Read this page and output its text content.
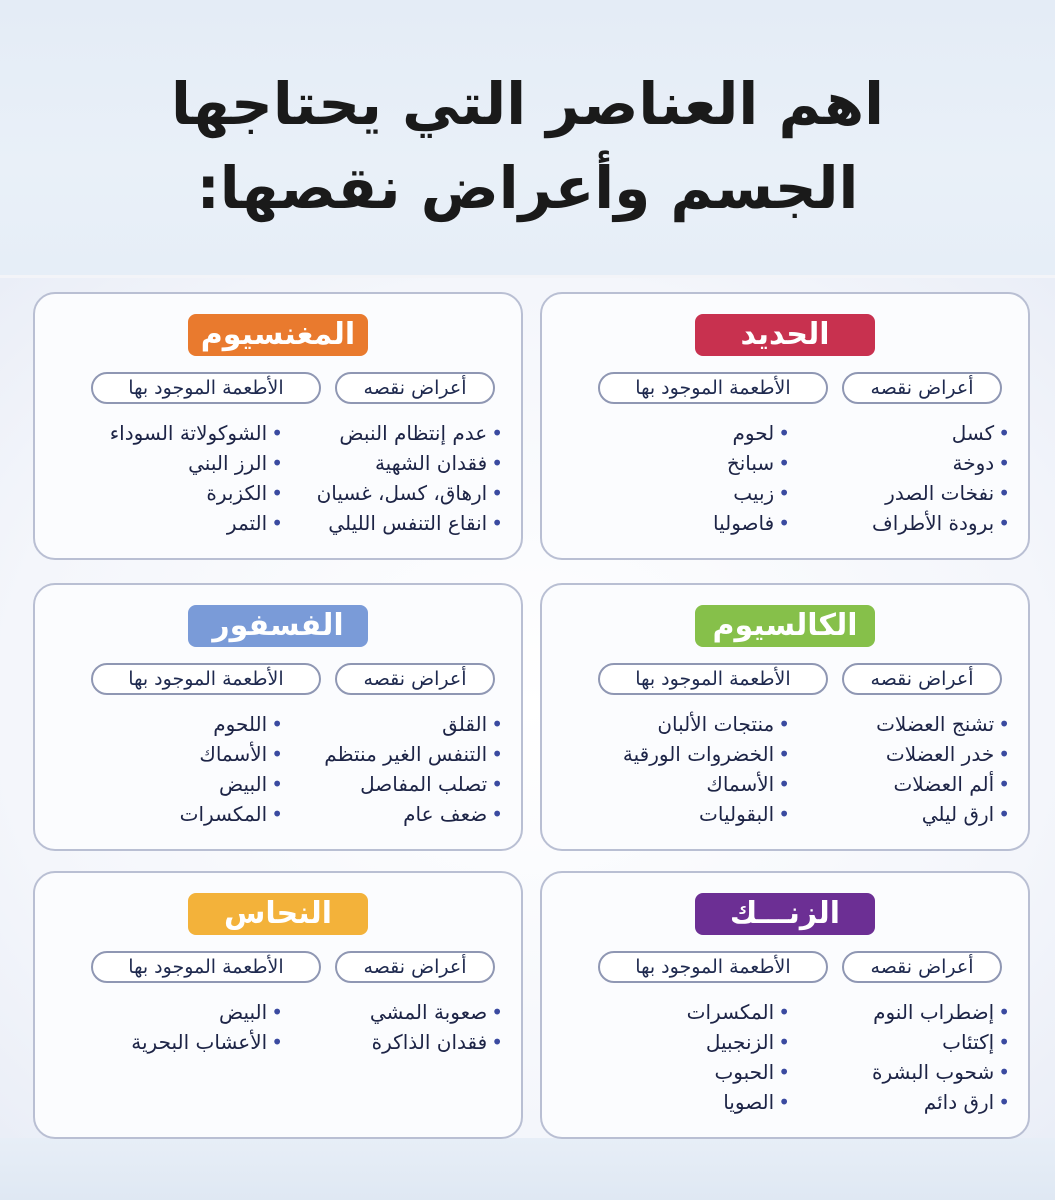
اهم العناصر التي يحتاجها
الجسم وأعراض نقصها:
الحديد
أعراض نقصه
الأطعمة الموجود بها
• كسل
• دوخة
• نفخات الصدر
• برودة الأطراف
• لحوم
• سبانخ
• زبيب
• فاصوليا
المغنسيوم
أعراض نقصه
الأطعمة الموجود بها
• عدم إنتظام النبض
• فقدان الشهية
• ارهاق، كسل، غسيان
• انقاع التنفس الليلي
• الشوكولاتة السوداء
• الرز البني
• الكزبرة
• التمر
الكالسيوم
أعراض نقصه
الأطعمة الموجود بها
• تشنج العضلات
• خدر العضلات
• ألم العضلات
• ارق ليلي
• منتجات الألبان
• الخضروات الورقية
• الأسماك
• البقوليات
الفسفور
أعراض نقصه
الأطعمة الموجود بها
• القلق
• التنفس الغير منتظم
• تصلب المفاصل
• ضعف عام
• اللحوم
• الأسماك
• البيض
• المكسرات
الزنـــك
أعراض نقصه
الأطعمة الموجود بها
• إضطراب النوم
• إكتئاب
• شحوب البشرة
• ارق دائم
• المكسرات
• الزنجبيل
• الحبوب
• الصويا
النحاس
أعراض نقصه
الأطعمة الموجود بها
• صعوبة المشي
• فقدان الذاكرة
• البيض
• الأعشاب البحرية
